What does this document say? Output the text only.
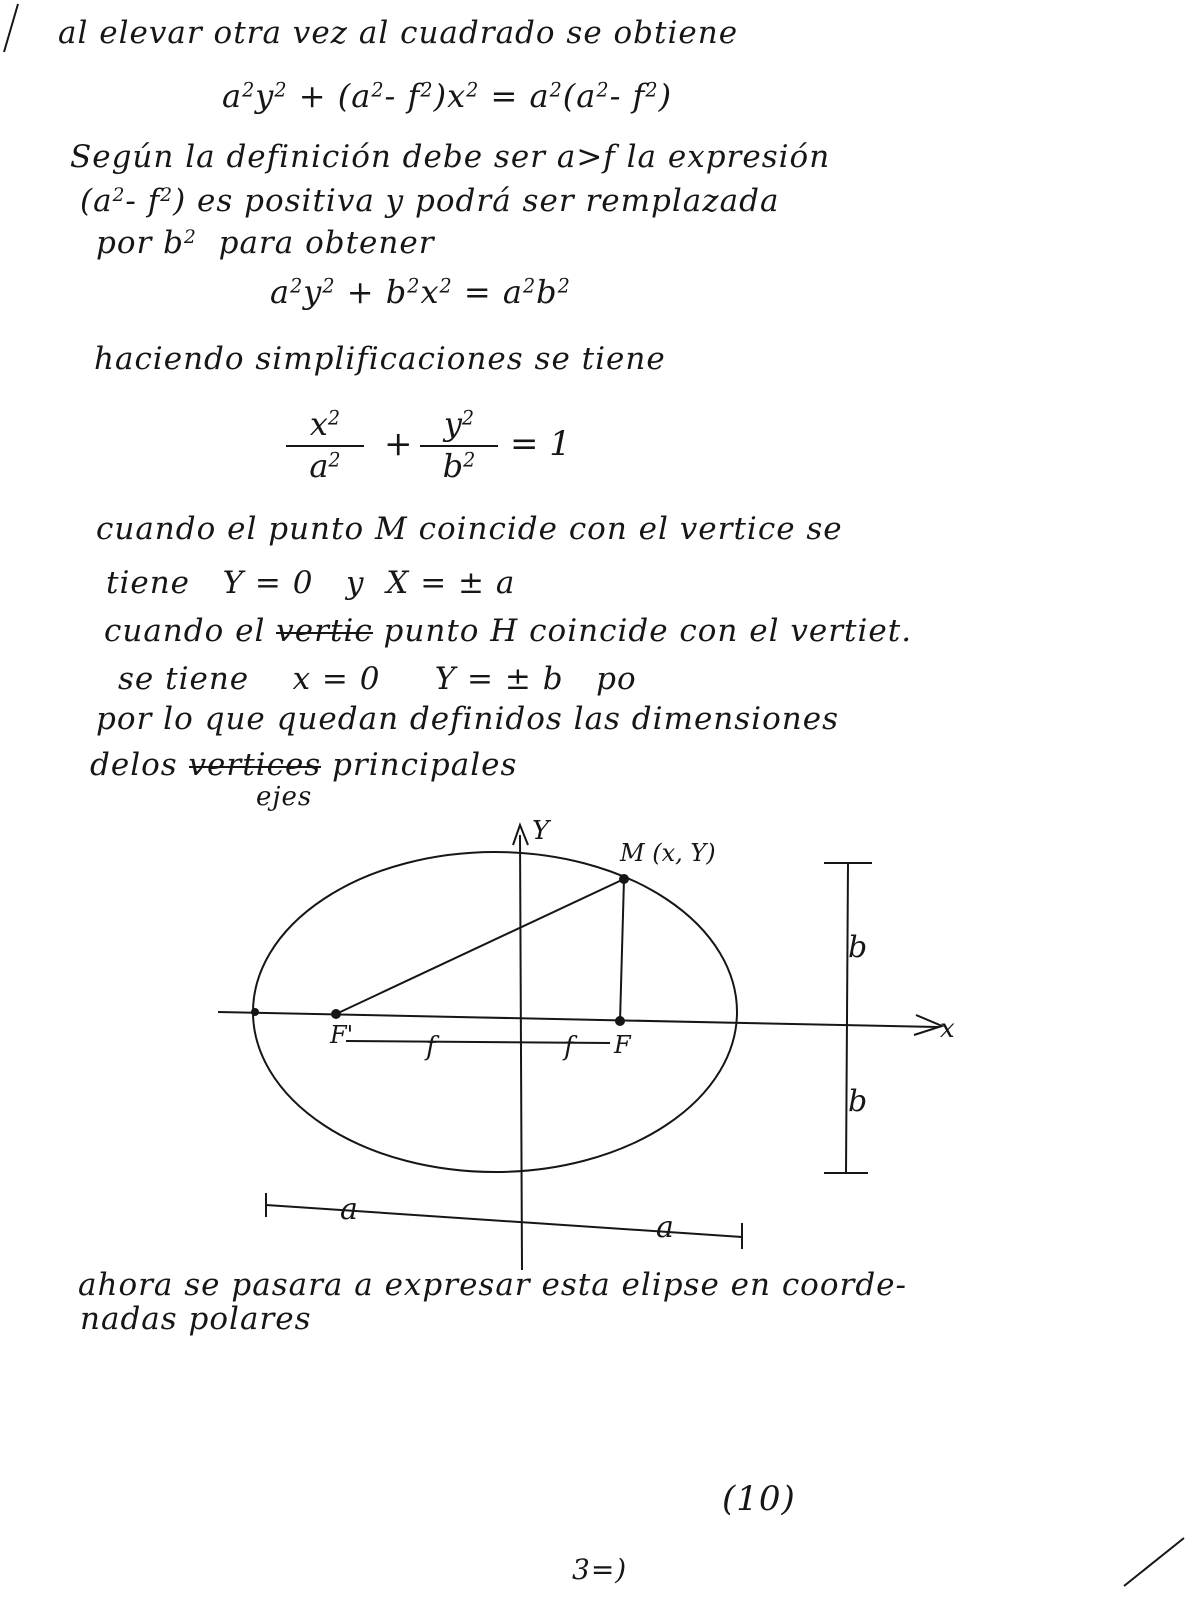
al elevar otra vez al cuadrado se obtiene
$a^2y^2 + (a^2-$ $f^2)x^2 = a^2(a^2-$ $f^2$)
Según la definición debe ser a>f la expresión
($a^2-$ $f^2$) es positiva y podrá ser remplazada
por $b^2$ para obtener
$a^2y^2 + b^2x^2 = a^2b^2$
haciendo simplificaciones se tiene
$x^2$
$a^2 + y^2$
$b^2 = 1$
cuando el punto M coincide con el vertice se
tiene Y = 0 y X = ± a
cuando el vertic punto H coincide con el vertiet.
se tiene x = 0 Y = ± b po
por lo que quedan definidos las dimensiones
delos vertices principales
ejes
Y
x
M (x, Y)
F'	F
f	f
b
b
a
a
ahora se pasara a expresar esta elipse en coorde-
nadas polares
(10)
3=)
